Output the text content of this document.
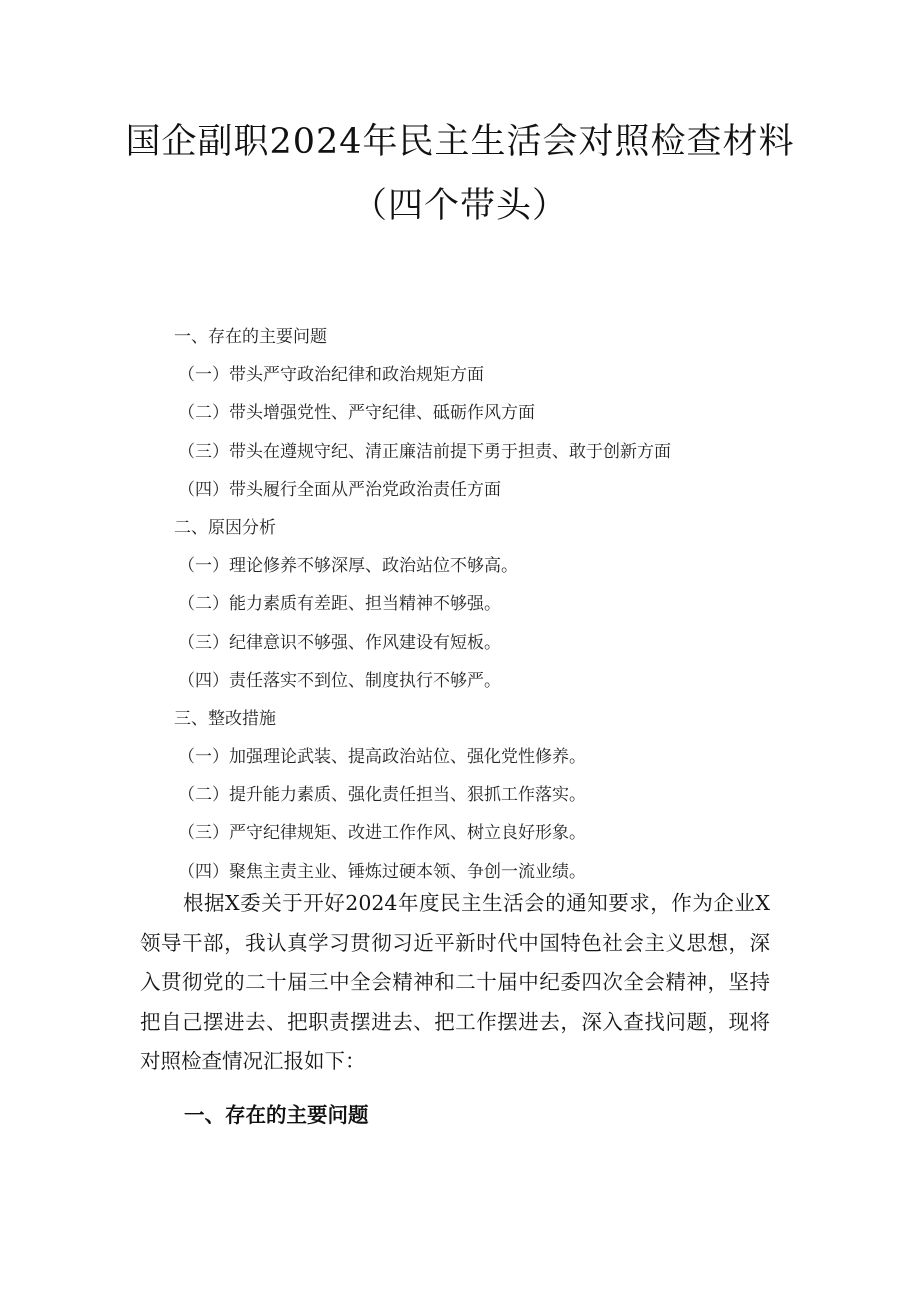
国企副职2024年民主生活会对照检查材料
（四个带头）
一、存在的主要问题
（一）带头严守政治纪律和政治规矩方面
（二）带头增强党性、严守纪律、砥砺作风方面
（三）带头在遵规守纪、清正廉洁前提下勇于担责、敢于创新方面
（四）带头履行全面从严治党政治责任方面
二、原因分析
（一）理论修养不够深厚、政治站位不够高。
（二）能力素质有差距、担当精神不够强。
（三）纪律意识不够强、作风建设有短板。
（四）责任落实不到位、制度执行不够严。
三、整改措施
（一）加强理论武装、提高政治站位、强化党性修养。
（二）提升能力素质、强化责任担当、狠抓工作落实。
（三）严守纪律规矩、改进工作作风、树立良好形象。
（四）聚焦主责主业、锤炼过硬本领、争创一流业绩。

根据X委关于开好2024年度民主生活会的通知要求，作为企业X领导干部，我认真学习贯彻习近平新时代中国特色社会主义思想，深入贯彻党的二十届三中全会精神和二十届中纪委四次全会精神，坚持把自己摆进去、把职责摆进去、把工作摆进去，深入查找问题，现将对照检查情况汇报如下：

一、存在的主要问题
